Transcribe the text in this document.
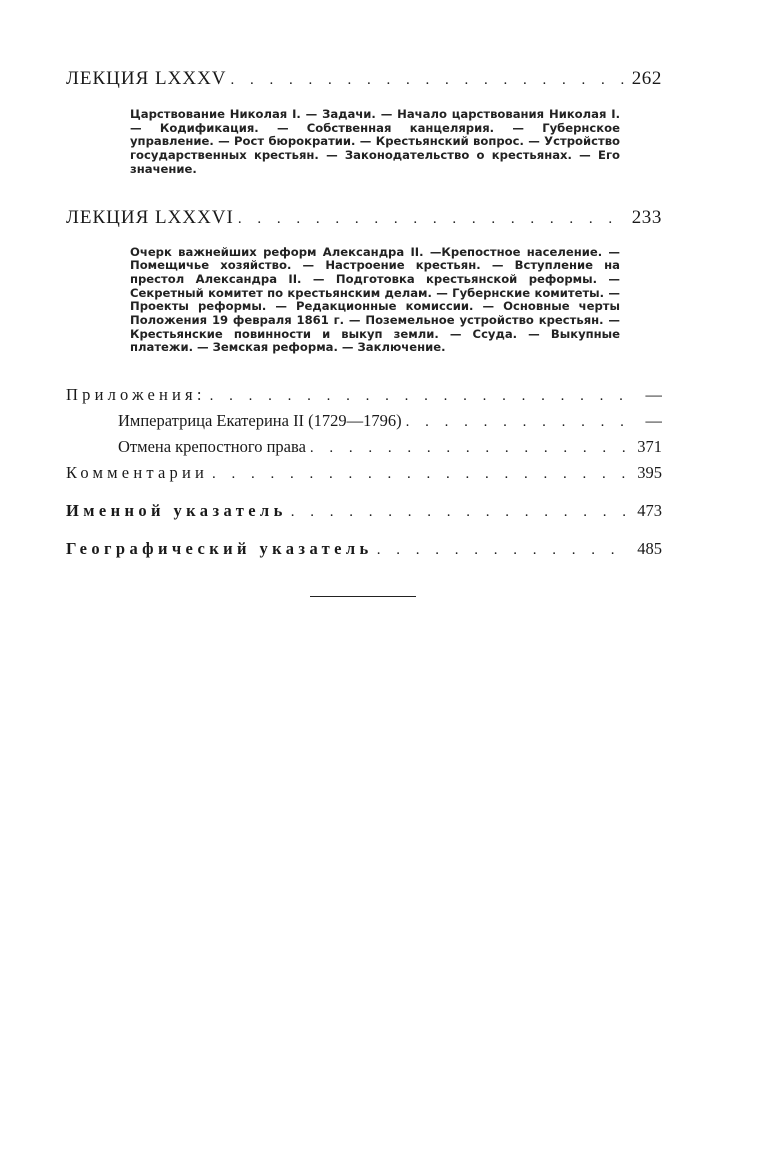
ЛЕКЦИЯ LXXXV . . .	262
Царствование Николая I. — Задачи. — Начало царствования Николая I. — Кодификация. — Собственная канцелярия. — Губернское управление. — Рост бюрократии. — Крестьянский вопрос. — Устройство государственных крестьян. — Законодательство о крестьянах. — Его значение.
ЛЕКЦИЯ LXXXVI . . .	233
Очерк важнейших реформ Александра II. —Крепостное население. — Помещичье хозяйство. — Настроение крестьян. — Вступление на престол Александра II. — Подготовка крестьянской реформы. — Секретный комитет по крестьянским делам. — Губернские комитеты. — Проекты реформы. — Редакционные комиссии. — Основные черты Положения 19 февраля 1861 г. — Поземельное устройство крестьян. — Крестьянские повинности и выкуп земли. — Ссуда. — Выкупные платежи. — Земская реформа. — Заключение.
Приложения: . . .	—
Императрица Екатерина II (1729—1796) . . .	—
Отмена крепостного права . . .	371
Комментарии . . .	395
Именной указатель . . .	473
Географический указатель . . .	485
